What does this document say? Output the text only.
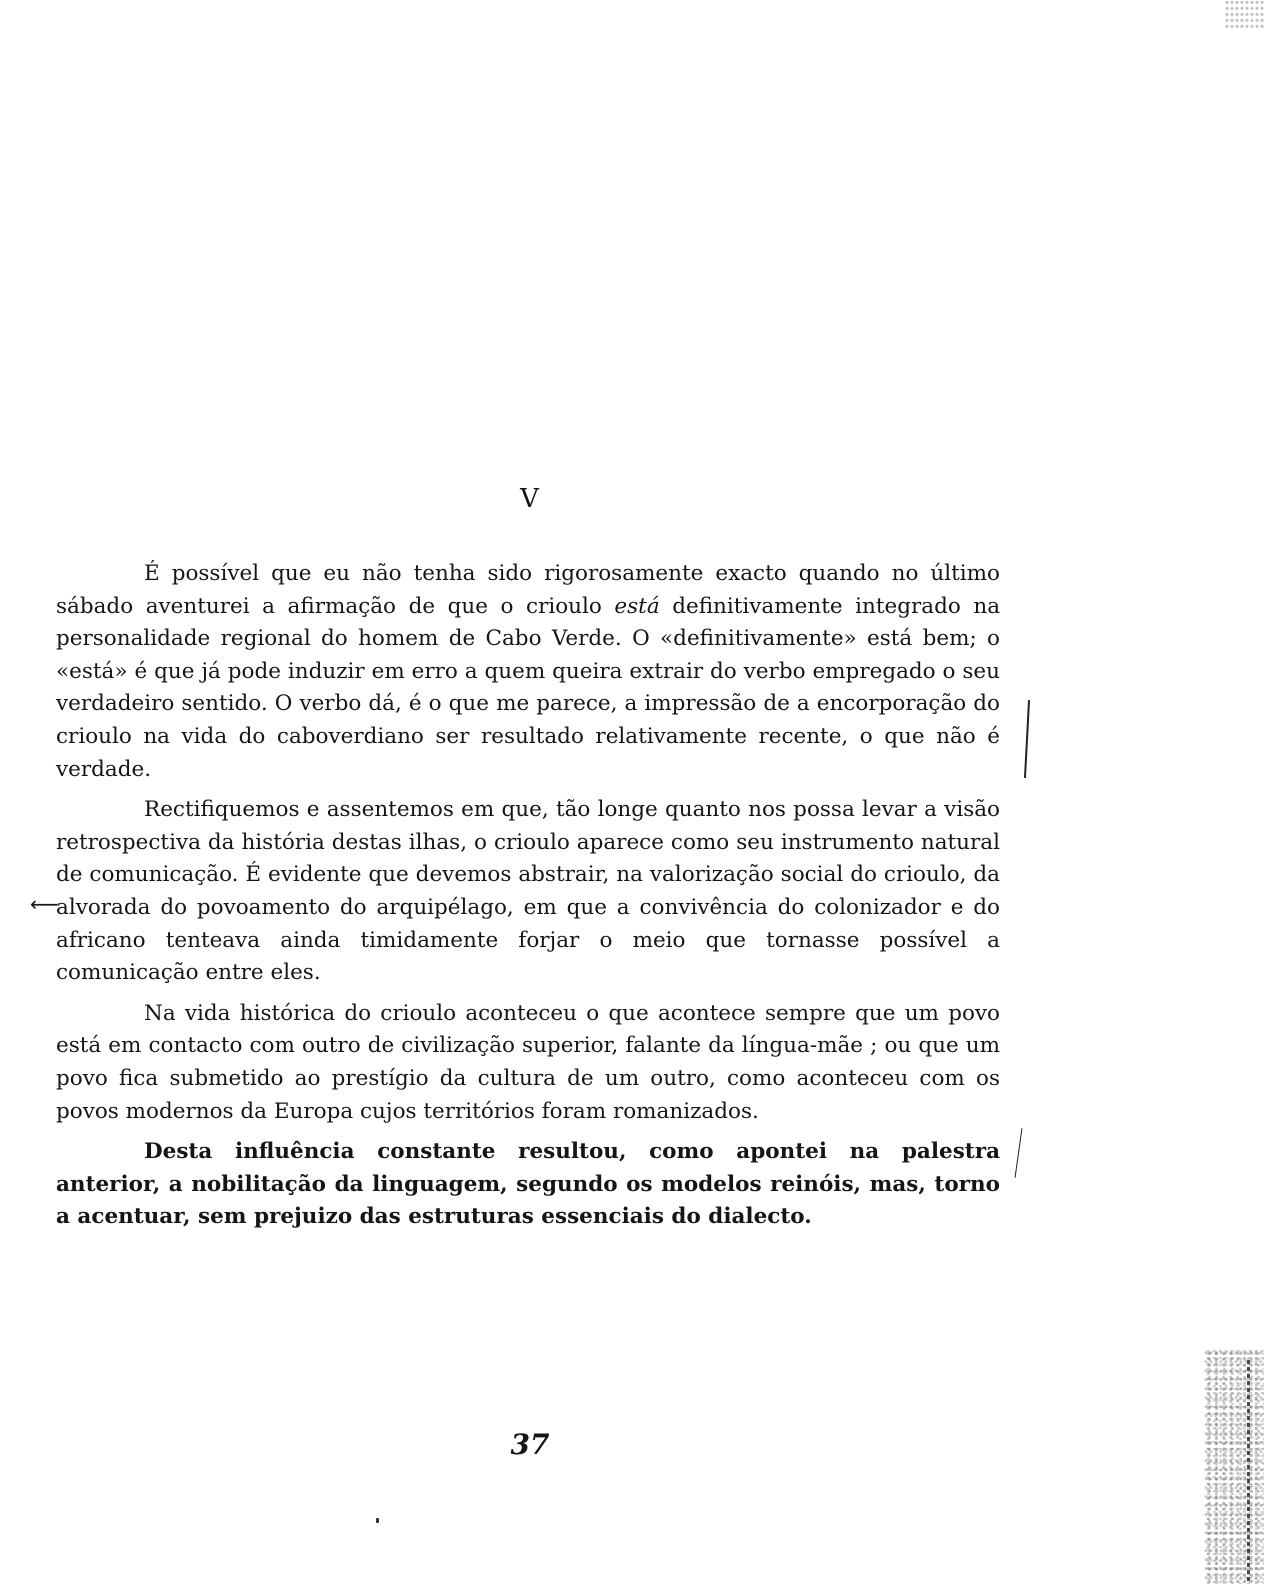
V

É possível que eu não tenha sido rigorosamente exacto quando no último sábado aventurei a afirmação de que o crioulo está definitivamente integrado na personalidade regional do homem de Cabo Verde. O «definitivamente» está bem; o «está» é que já pode induzir em erro a quem queira extrair do verbo empregado o seu verdadeiro sentido. O verbo dá, é o que me parece, a impressão de a encorporação do crioulo na vida do caboverdiano ser resultado relativamente recente, o que não é verdade.

Rectifiquemos e assentemos em que, tão longe quanto nos possa levar a visão retrospectiva da história destas ilhas, o crioulo aparece como seu instrumento natural de comunicação. É evidente que devemos abstrair, na valorização social do crioulo, da alvorada do povoamento do arquipélago, em que a convivência do colonizador e do africano tenteava ainda timidamente forjar o meio que tornasse possível a comunicação entre eles.

Na vida histórica do crioulo aconteceu o que acontece sempre que um povo está em contacto com outro de civilização superior, falante da língua-mãe ; ou que um povo fica submetido ao prestígio da cultura de um outro, como aconteceu com os povos modernos da Europa cujos territórios foram romanizados.

Desta influência constante resultou, como apontei na palestra anterior, a nobilitação da linguagem, segundo os modelos reinóis, mas, torno a acentuar, sem prejuizo das estruturas essenciais do dialecto.

⟵
37
